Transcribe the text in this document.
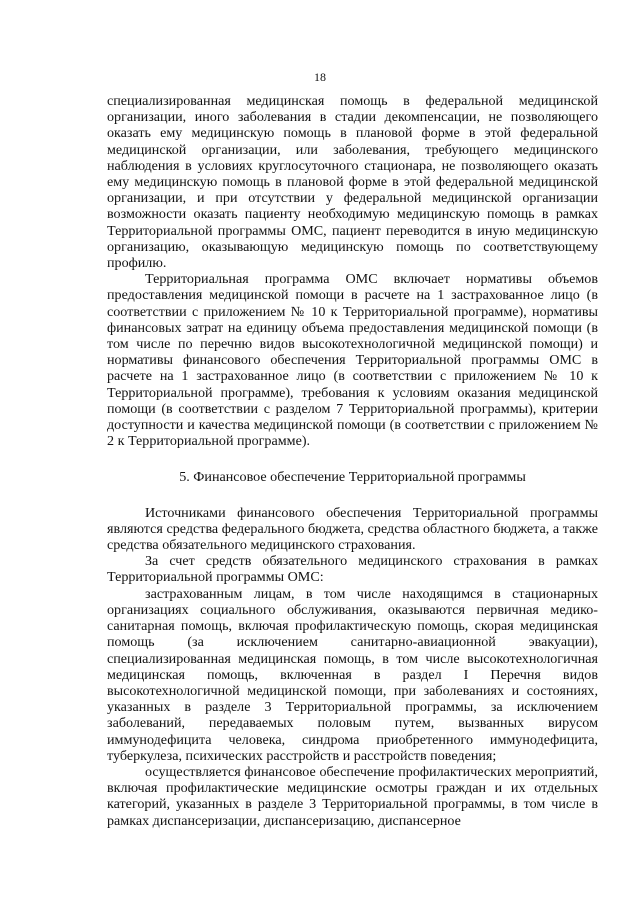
18

специализированная медицинская помощь в федеральной медицинской организации, иного заболевания в стадии декомпенсации, не позволяющего оказать ему медицинскую помощь в плановой форме в этой федеральной медицинской организации, или заболевания, требующего медицинского наблюдения в условиях круглосуточного стационара, не позволяющего оказать ему медицинскую помощь в плановой форме в этой федеральной медицинской организации, и при отсутствии у федеральной медицинской организации возможности оказать пациенту необходимую медицинскую помощь в рамках Территориальной программы ОМС, пациент переводится в иную медицинскую организацию, оказывающую медицинскую помощь по соответствующему профилю.

Территориальная программа ОМС включает нормативы объемов предоставления медицинской помощи в расчете на 1 застрахованное лицо (в соответствии с приложением № 10 к Территориальной программе), нормативы финансовых затрат на единицу объема предоставления медицинской помощи (в том числе по перечню видов высокотехнологичной медицинской помощи) и нормативы финансового обеспечения Территориальной программы ОМС в расчете на 1 застрахованное лицо (в соответствии с приложением № 10 к Территориальной программе), требования к условиям оказания медицинской помощи (в соответствии с разделом 7 Территориальной программы), критерии доступности и качества медицинской помощи (в соответствии с приложением № 2 к Территориальной программе).

5. Финансовое обеспечение Территориальной программы

Источниками финансового обеспечения Территориальной программы являются средства федерального бюджета, средства областного бюджета, а также средства обязательного медицинского страхования.

За счет средств обязательного медицинского страхования в рамках Территориальной программы ОМС:

застрахованным лицам, в том числе находящимся в стационарных организациях социального обслуживания, оказываются первичная медико-санитарная помощь, включая профилактическую помощь, скорая медицинская помощь (за исключением санитарно-авиационной эвакуации), специализированная медицинская помощь, в том числе высокотехнологичная медицинская помощь, включенная в раздел I Перечня видов высокотехнологичной медицинской помощи, при заболеваниях и состояниях, указанных в разделе 3 Территориальной программы, за исключением заболеваний, передаваемых половым путем, вызванных вирусом иммунодефицита человека, синдрома приобретенного иммунодефицита, туберкулеза, психических расстройств и расстройств поведения;

осуществляется финансовое обеспечение профилактических мероприятий, включая профилактические медицинские осмотры граждан и их отдельных категорий, указанных в разделе 3 Территориальной программы, в том числе в рамках диспансеризации, диспансеризацию, диспансерное
